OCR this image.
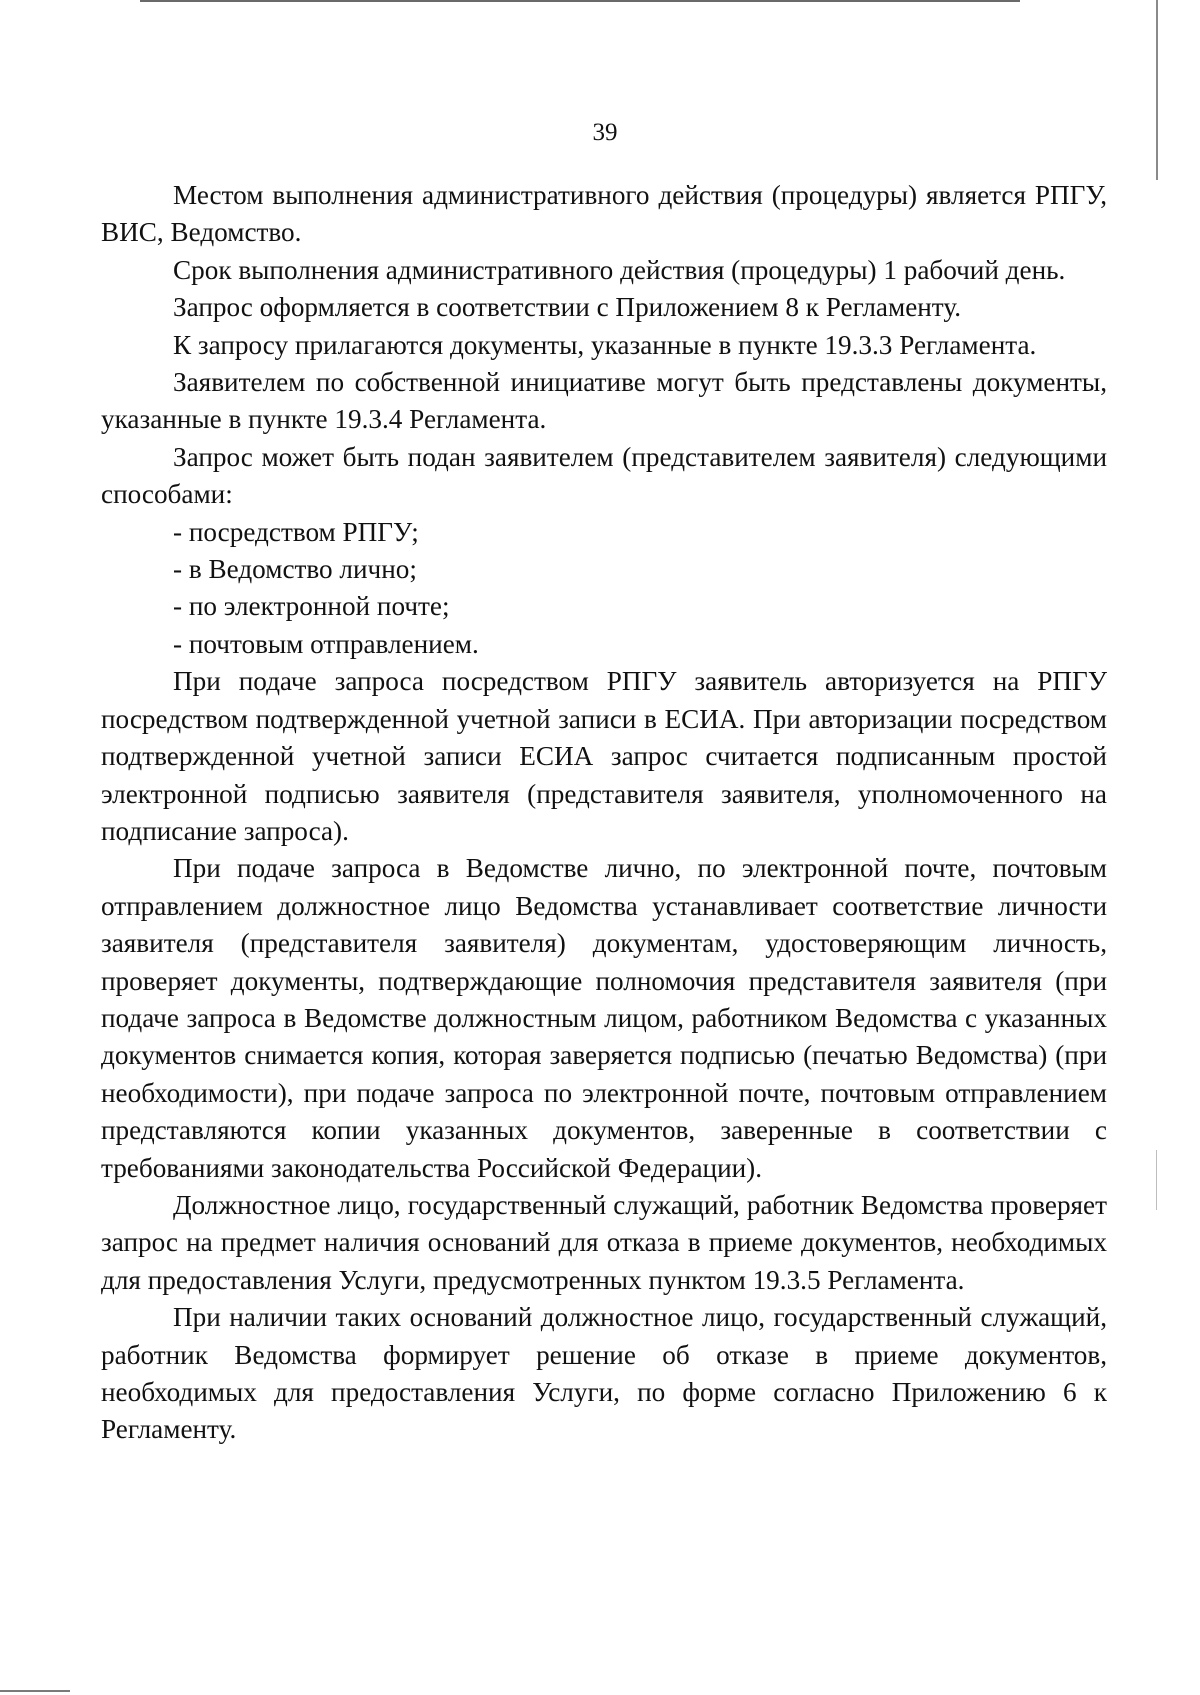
39

Местом выполнения административного действия (процедуры) является РПГУ, ВИС, Ведомство.

Срок выполнения административного действия (процедуры) 1 рабочий день.

Запрос оформляется в соответствии с Приложением 8 к Регламенту.

К запросу прилагаются документы, указанные в пункте 19.3.3 Регламента.

Заявителем по собственной инициативе могут быть представлены документы, указанные в пункте 19.3.4 Регламента.

Запрос может быть подан заявителем (представителем заявителя) следующими способами:

- посредством РПГУ;

- в Ведомство лично;

- по электронной почте;

- почтовым отправлением.

При подаче запроса посредством РПГУ заявитель авторизуется на РПГУ посредством подтвержденной учетной записи в ЕСИА. При авторизации посредством подтвержденной учетной записи ЕСИА запрос считается подписанным простой электронной подписью заявителя (представителя заявителя, уполномоченного на подписание запроса).

При подаче запроса в Ведомстве лично, по электронной почте, почтовым отправлением должностное лицо Ведомства устанавливает соответствие личности заявителя (представителя заявителя) документам, удостоверяющим личность, проверяет документы, подтверждающие полномочия представителя заявителя (при подаче запроса в Ведомстве должностным лицом, работником Ведомства с указанных документов снимается копия, которая заверяется подписью (печатью Ведомства) (при необходимости), при подаче запроса по электронной почте, почтовым отправлением представляются копии указанных документов, заверенные в соответствии с требованиями законодательства Российской Федерации).

Должностное лицо, государственный служащий, работник Ведомства проверяет запрос на предмет наличия оснований для отказа в приеме документов, необходимых для предоставления Услуги, предусмотренных пунктом 19.3.5 Регламента.

При наличии таких оснований должностное лицо, государственный служащий, работник Ведомства формирует решение об отказе в приеме документов, необходимых для предоставления Услуги, по форме согласно Приложению 6 к Регламенту.
